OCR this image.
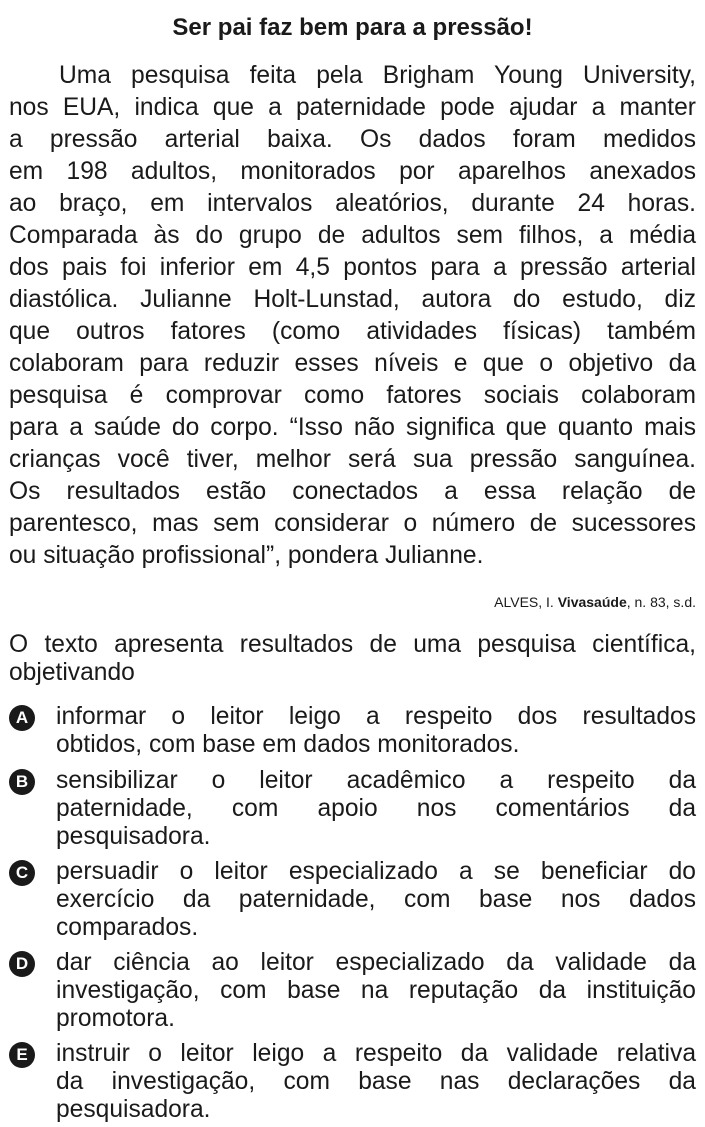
Ser pai faz bem para a pressão!
Uma pesquisa feita pela Brigham Young University,
nos EUA, indica que a paternidade pode ajudar a manter
a pressão arterial baixa. Os dados foram medidos
em 198 adultos, monitorados por aparelhos anexados
ao braço, em intervalos aleatórios, durante 24 horas.
Comparada às do grupo de adultos sem filhos, a média
dos pais foi inferior em 4,5 pontos para a pressão arterial
diastólica. Julianne Holt-Lunstad, autora do estudo, diz
que outros fatores (como atividades físicas) também
colaboram para reduzir esses níveis e que o objetivo da
pesquisa é comprovar como fatores sociais colaboram
para a saúde do corpo. “Isso não significa que quanto mais
crianças você tiver, melhor será sua pressão sanguínea.
Os resultados estão conectados a essa relação de
parentesco, mas sem considerar o número de sucessores
ou situação profissional”, pondera Julianne.
ALVES, I. Vivasaúde, n. 83, s.d.
O texto apresenta resultados de uma pesquisa científica,
objetivando
A informar o leitor leigo a respeito dos resultados
obtidos, com base em dados monitorados.
B sensibilizar o leitor acadêmico a respeito da
paternidade, com apoio nos comentários da
pesquisadora.
C persuadir o leitor especializado a se beneficiar do
exercício da paternidade, com base nos dados
comparados.
D dar ciência ao leitor especializado da validade da
investigação, com base na reputação da instituição
promotora.
E instruir o leitor leigo a respeito da validade relativa
da investigação, com base nas declarações da
pesquisadora.
